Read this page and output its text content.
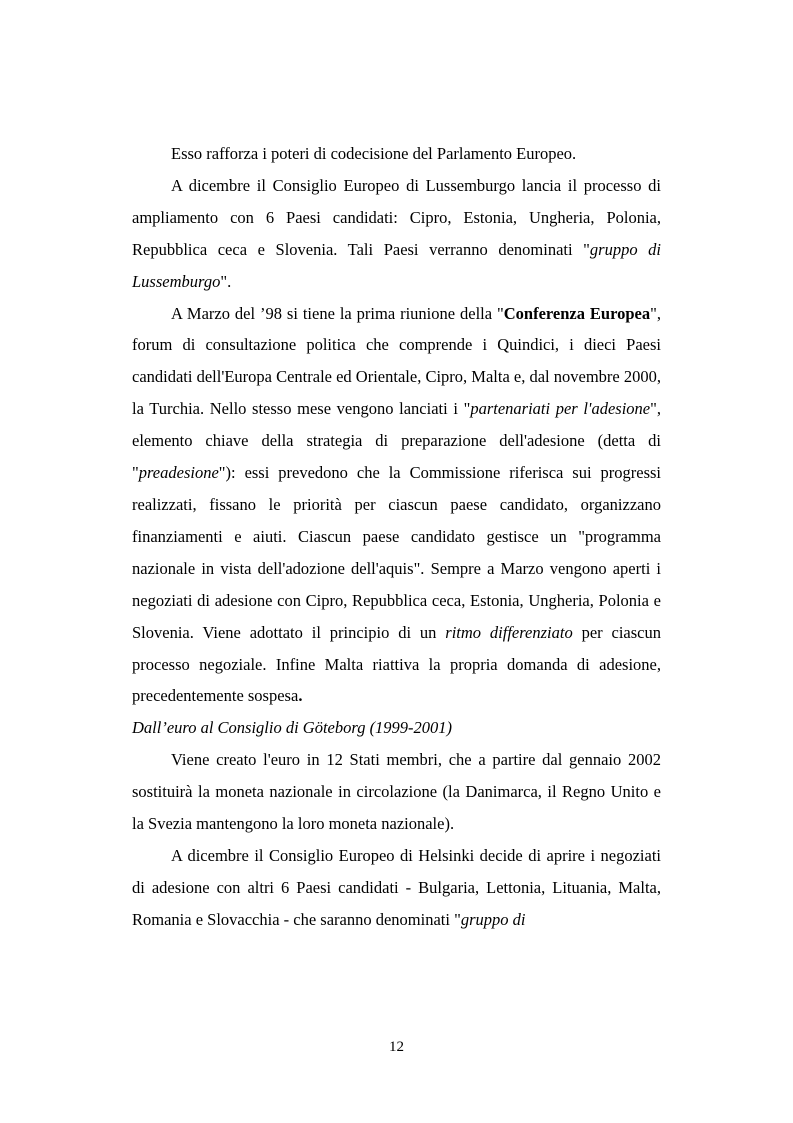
Esso rafforza i poteri di codecisione del Parlamento Europeo.

A dicembre il Consiglio Europeo di Lussemburgo lancia il processo di ampliamento con 6 Paesi candidati: Cipro, Estonia, Ungheria, Polonia, Repubblica ceca e Slovenia. Tali Paesi verranno denominati "gruppo di Lussemburgo".

A Marzo del ’98 si tiene la prima riunione della "Conferenza Europea", forum di consultazione politica che comprende i Quindici, i dieci Paesi candidati dell'Europa Centrale ed Orientale, Cipro, Malta e, dal novembre 2000, la Turchia. Nello stesso mese vengono lanciati i "partenariati per l'adesione", elemento chiave della strategia di preparazione dell'adesione (detta di "preadesione"): essi prevedono che la Commissione riferisca sui progressi realizzati, fissano le priorità per ciascun paese candidato, organizzano finanziamenti e aiuti. Ciascun paese candidato gestisce un "programma nazionale in vista dell'adozione dell'aquis". Sempre a Marzo vengono aperti i negoziati di adesione con Cipro, Repubblica ceca, Estonia, Ungheria, Polonia e Slovenia. Viene adottato il principio di un ritmo differenziato per ciascun processo negoziale. Infine Malta riattiva la propria domanda di adesione, precedentemente sospesa.

Dall’euro al Consiglio di Göteborg (1999-2001)

Viene creato l'euro in 12 Stati membri, che a partire dal gennaio 2002 sostituirà la moneta nazionale in circolazione (la Danimarca, il Regno Unito e la Svezia mantengono la loro moneta nazionale).

A dicembre il Consiglio Europeo di Helsinki decide di aprire i negoziati di adesione con altri 6 Paesi candidati - Bulgaria, Lettonia, Lituania, Malta, Romania e Slovacchia - che saranno denominati "gruppo di

12
